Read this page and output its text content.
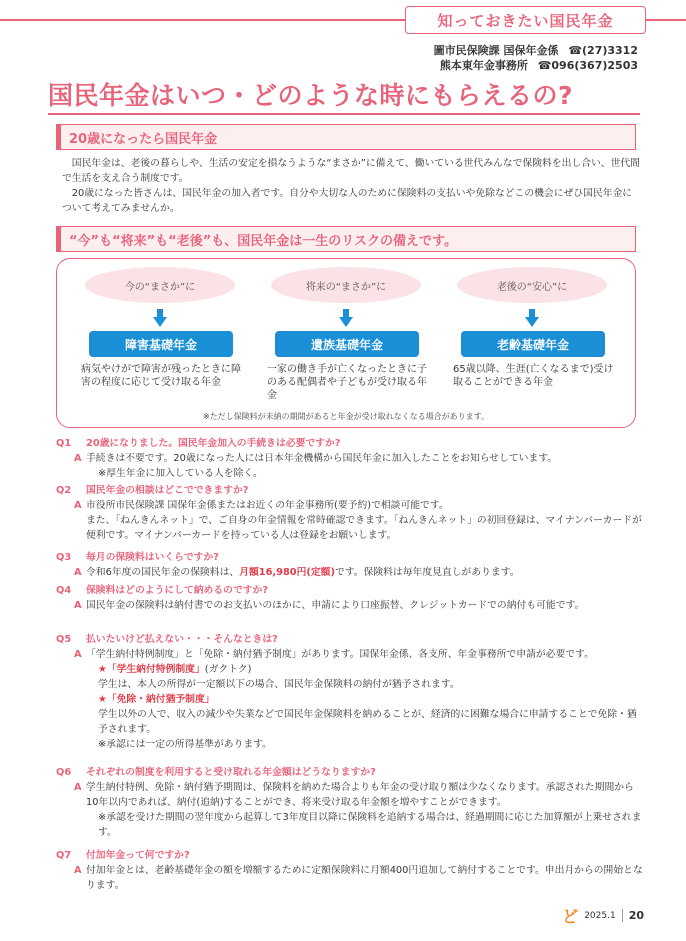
知っておきたい国民年金
圖市民保険課 国保年金係 ☎(27)3312
熊本東年金事務所 ☎096(367)2503
国民年金はいつ・どのような時にもらえるの?
20歳になったら国民年金

国民年金は、老後の暮らしや、生活の安定を損なうような“まさか”に備えて、働いている世代みんなで保険料を出し合い、世代間で生活を支え合う制度です。

20歳になった皆さんは、国民年金の加入者です。自分や大切な人のために保険料の支払いや免除などこの機会にぜひ国民年金について考えてみませんか。

“今”も“将来”も“老後”も、国民年金は一生のリスクの備えです。
今の“まさか”に
障害基礎年金
病気やけがで障害が残ったときに障害の程度に応じて受け取る年金
将来の“まさか”に
遺族基礎年金
一家の働き手が亡くなったときに子のある配偶者や子どもが受け取る年金
老後の“安心”に
老齢基礎年金
65歳以降、生涯(亡くなるまで)受け取ることができる年金
※ただし保険料が未納の期間があると年金が受け取れなくなる場合があります。
Q1	20歳になりました。国民年金加入の手続きは必要ですか?
A 手続きは不要です。20歳になった人には日本年金機構から国民年金に加入したことをお知らせしています。
※厚生年金に加入している人を除く。
Q2	国民年金の相談はどこでできますか?
A 市役所市民保険課 国保年金係またはお近くの年金事務所(要予約)で相談可能です。
また、「ねんきんネット」で、ご自身の年金情報を常時確認できます。「ねんきんネット」の初回登録は、マイナンバーカードが便利です。マイナンバーカードを持っている人は登録をお願いします。
Q3	毎月の保険料はいくらですか?
A 令和6年度の国民年金の保険料は、月額16,980円(定額)です。保険料は毎年度見直しがあります。
Q4	保険料はどのようにして納めるのですか?
A 国民年金の保険料は納付書でのお支払いのほかに、申請により口座振替、クレジットカードでの納付も可能です。
Q5	払いたいけど払えない・・・そんなときは?
A 「学生納付特例制度」と「免除・納付猶予制度」があります。国保年金係、各支所、年金事務所で申請が必要です。
★「学生納付特例制度」(ガクトク)
学生は、本人の所得が一定額以下の場合、国民年金保険料の納付が猶予されます。
★「免除・納付猶予制度」
学生以外の人で、収入の減少や失業などで国民年金保険料を納めることが、経済的に困難な場合に申請することで免除・猶予されます。
※承認には一定の所得基準があります。
Q6	それぞれの制度を利用すると受け取れる年金額はどうなりますか?
A 学生納付特例、免除・納付猶予期間は、保険料を納めた場合よりも年金の受け取り額は少なくなります。承認された期間から10年以内であれば、納付(追納)することができ、将来受け取る年金額を増やすことができます。
※承認を受けた期間の翌年度から起算して3年度目以降に保険料を追納する場合は、経過期間に応じた加算額が上乗せされます。
Q7	付加年金って何ですか?
A 付加年金とは、老齢基礎年金の額を増額するために定額保険料に月額400円追加して納付することです。申出月からの開始となります。
ど 2025.1	20
